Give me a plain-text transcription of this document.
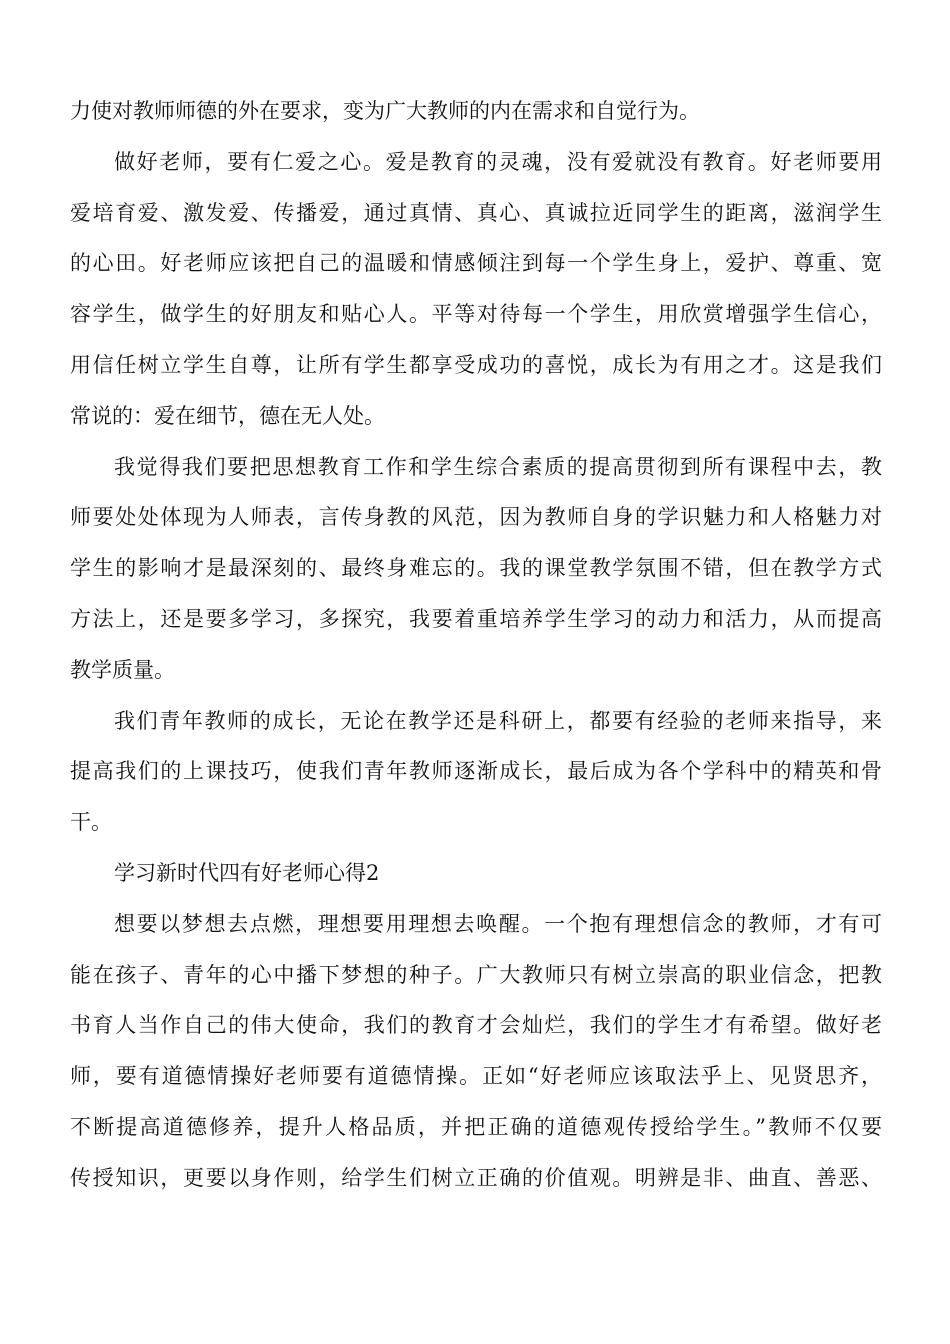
力使对教师师德的外在要求，变为广大教师的内在需求和自觉行为。
做好老师，要有仁爱之心。爱是教育的灵魂，没有爱就没有教育。好老师要用
爱培育爱、激发爱、传播爱，通过真情、真心、真诚拉近同学生的距离，滋润学生
的心田。好老师应该把自己的温暖和情感倾注到每一个学生身上，爱护、尊重、宽
容学生，做学生的好朋友和贴心人。平等对待每一个学生，用欣赏增强学生信心，
用信任树立学生自尊，让所有学生都享受成功的喜悦，成长为有用之才。这是我们
常说的：爱在细节，德在无人处。
我觉得我们要把思想教育工作和学生综合素质的提高贯彻到所有课程中去，教
师要处处体现为人师表，言传身教的风范，因为教师自身的学识魅力和人格魅力对
学生的影响才是最深刻的、最终身难忘的。我的课堂教学氛围不错，但在教学方式
方法上，还是要多学习，多探究，我要着重培养学生学习的动力和活力，从而提高
教学质量。
我们青年教师的成长，无论在教学还是科研上，都要有经验的老师来指导，来
提高我们的上课技巧，使我们青年教师逐渐成长，最后成为各个学科中的精英和骨
干。
学习新时代四有好老师心得2
想要以梦想去点燃，理想要用理想去唤醒。一个抱有理想信念的教师，才有可
能在孩子、青年的心中播下梦想的种子。广大教师只有树立崇高的职业信念，把教
书育人当作自己的伟大使命，我们的教育才会灿烂，我们的学生才有希望。做好老
师，要有道德情操好老师要有道德情操。正如“好老师应该取法乎上、见贤思齐，
不断提高道德修养，提升人格品质，并把正确的道德观传授给学生。”教师不仅要
传授知识，更要以身作则，给学生们树立正确的价值观。明辨是非、曲直、善恶、
